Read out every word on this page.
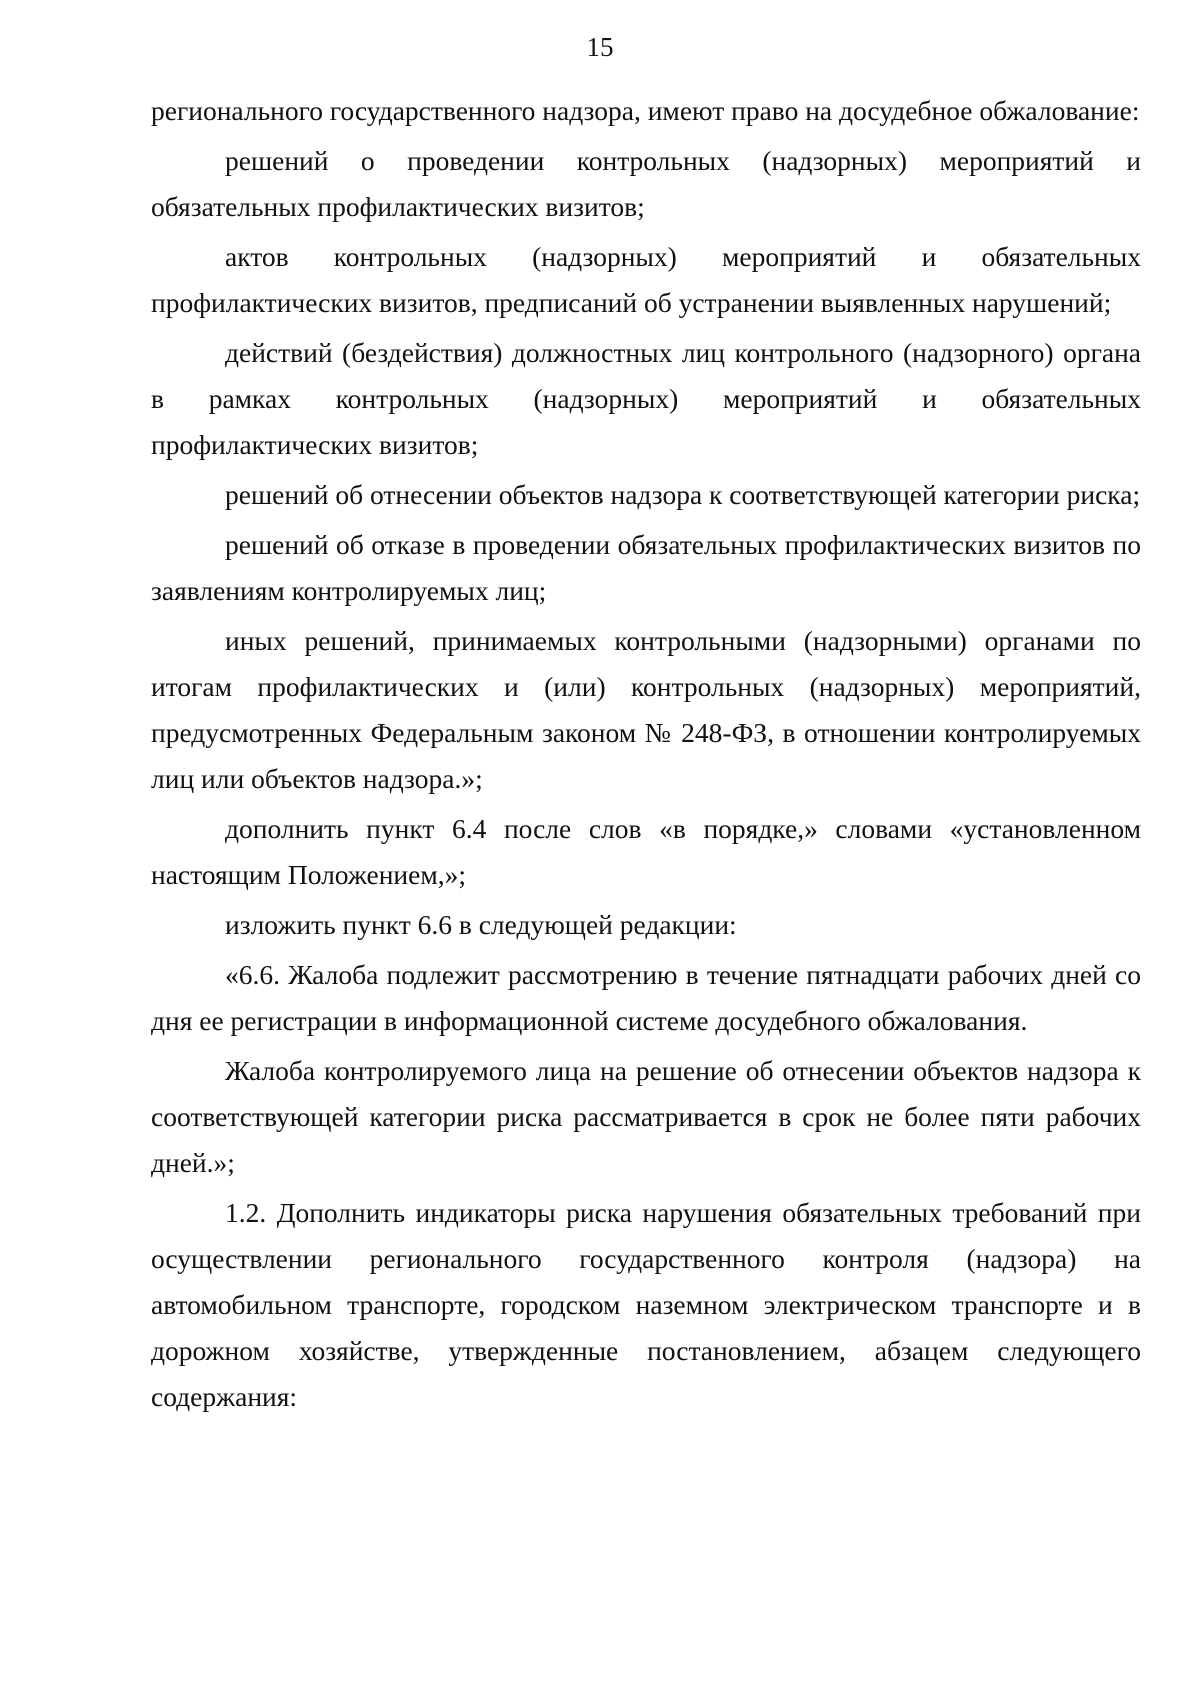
15

регионального государственного надзора, имеют право на досудебное обжалование:

решений о проведении контрольных (надзорных) мероприятий и обязательных профилактических визитов;

актов контрольных (надзорных) мероприятий и обязательных профилактических визитов, предписаний об устранении выявленных нарушений;

действий (бездействия) должностных лиц контрольного (надзорного) органа в рамках контрольных (надзорных) мероприятий и обязательных профилактических визитов;

решений об отнесении объектов надзора к соответствующей категории риска;

решений об отказе в проведении обязательных профилактических визитов по заявлениям контролируемых лиц;

иных решений, принимаемых контрольными (надзорными) органами по итогам профилактических и (или) контрольных (надзорных) мероприятий, предусмотренных Федеральным законом № 248-ФЗ, в отношении контролируемых лиц или объектов надзора.»;

дополнить пункт 6.4 после слов «в порядке,» словами «установленном настоящим Положением,»;

изложить пункт 6.6 в следующей редакции:

«6.6. Жалоба подлежит рассмотрению в течение пятнадцати рабочих дней со дня ее регистрации в информационной системе досудебного обжалования.

Жалоба контролируемого лица на решение об отнесении объектов надзора к соответствующей категории риска рассматривается в срок не более пяти рабочих дней.»;

1.2. Дополнить индикаторы риска нарушения обязательных требований при осуществлении регионального государственного контроля (надзора) на автомобильном транспорте, городском наземном электрическом транспорте и в дорожном хозяйстве, утвержденные постановлением, абзацем следующего содержания:
